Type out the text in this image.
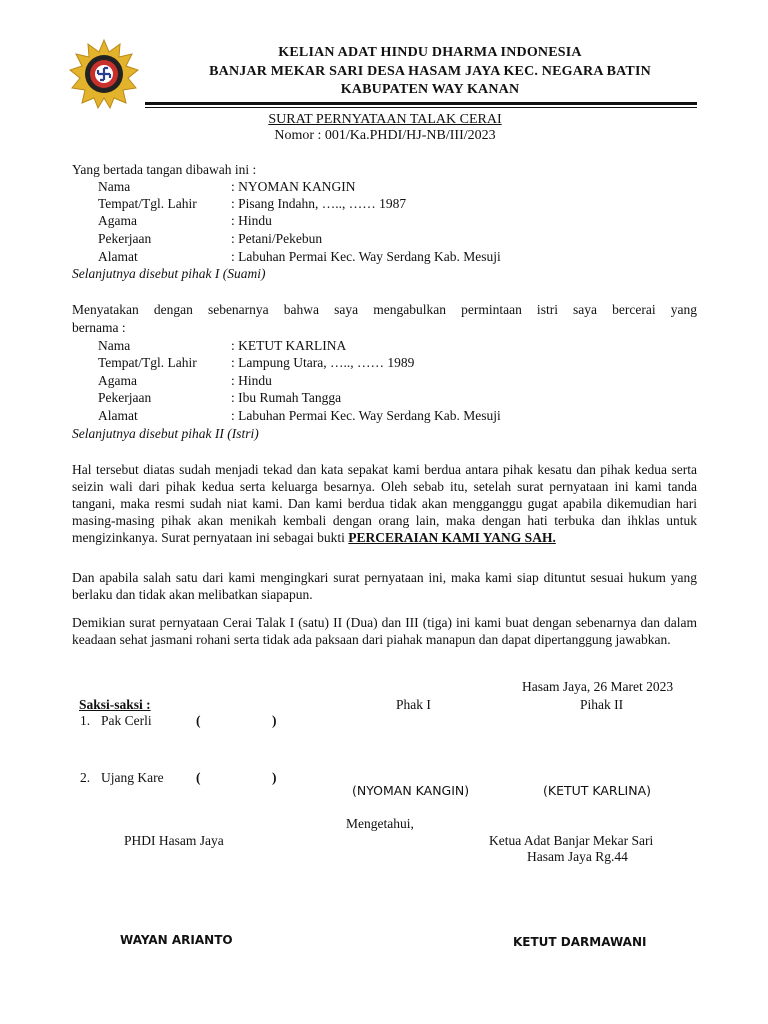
KELIAN ADAT HINDU DHARMA INDONESIA
BANJAR MEKAR SARI DESA HASAM JAYA KEC. NEGARA BATIN
KABUPATEN WAY KANAN
SURAT PERNYATAAN TALAK CERAI
Nomor : 001/Ka.PHDI/HJ-NB/III/2023
Yang bertada tangan dibawah ini :
Nama	: NYOMAN KANGIN
Tempat/Tgl. Lahir	: Pisang Indahn, ….., …… 1987
Agama	: Hindu
Pekerjaan	: Petani/Pekebun
Alamat	: Labuhan Permai Kec. Way Serdang Kab. Mesuji
Selanjutnya disebut pihak I (Suami)
Menyatakan dengan sebenarnya bahwa saya mengabulkan permintaan istri saya bercerai yang
bernama :
Nama	: KETUT KARLINA
Tempat/Tgl. Lahir	: Lampung Utara, ….., …… 1989
Agama	: Hindu
Pekerjaan	: Ibu Rumah Tangga
Alamat	: Labuhan Permai Kec. Way Serdang Kab. Mesuji
Selanjutnya disebut pihak II (Istri)
Hal tersebut diatas sudah menjadi tekad dan kata sepakat kami berdua antara pihak kesatu dan pihak kedua serta seizin wali dari pihak kedua serta keluarga besarnya. Oleh sebab itu, setelah surat pernyataan ini kami tanda tangani, maka resmi sudah niat kami. Dan kami berdua tidak akan mengganggu gugat apabila dikemudian hari masing-masing pihak akan menikah kembali dengan orang lain, maka dengan hati terbuka dan ihklas untuk mengizinkanya. Surat pernyataan ini sebagai bukti PERCERAIAN KAMI YANG SAH.
Dan apabila salah satu dari kami mengingkari surat pernyataan ini, maka kami siap dituntut sesuai hukum yang berlaku dan tidak akan melibatkan siapapun.
Demikian surat pernyataan Cerai Talak I (satu) II (Dua) dan III (tiga) ini kami buat dengan sebenarnya dan dalam keadaan sehat jasmani rohani serta tidak ada paksaan dari piahak manapun dan dapat dipertanggung jawabkan.
Hasam Jaya, 26 Maret 2023
Saksi-saksi :
1. Pak Cerli	(	)
2. Ujang Kare (	)
Phak I	Pihak II
(NYOMAN KANGIN)	(KETUT KARLINA)
Mengetahui,
PHDI Hasam Jaya	Ketua Adat Banjar Mekar Sari
Hasam Jaya Rg.44
WAYAN ARIANTO	KETUT DARMAWANI
